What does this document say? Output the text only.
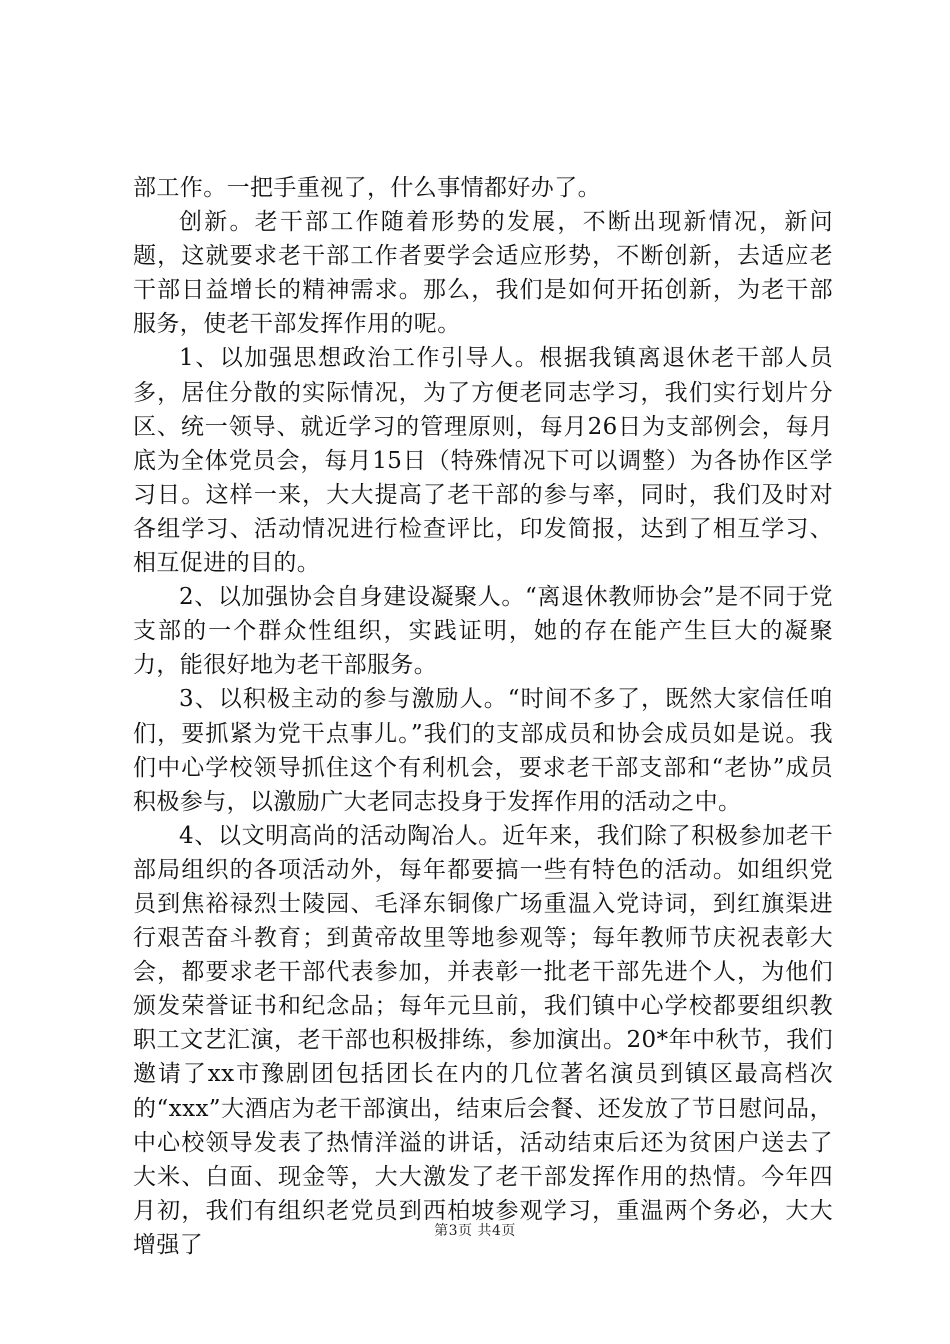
部工作。一把手重视了，什么事情都好办了。

创新。老干部工作随着形势的发展，不断出现新情况，新问题，这就要求老干部工作者要学会适应形势，不断创新，去适应老干部日益增长的精神需求。那么，我们是如何开拓创新，为老干部服务，使老干部发挥作用的呢。

1、以加强思想政治工作引导人。根据我镇离退休老干部人员多，居住分散的实际情况，为了方便老同志学习，我们实行划片分区、统一领导、就近学习的管理原则，每月26日为支部例会，每月底为全体党员会，每月15日（特殊情况下可以调整）为各协作区学习日。这样一来，大大提高了老干部的参与率，同时，我们及时对各组学习、活动情况进行检查评比，印发简报，达到了相互学习、相互促进的目的。

2、以加强协会自身建设凝聚人。“离退休教师协会”是不同于党支部的一个群众性组织，实践证明，她的存在能产生巨大的凝聚力，能很好地为老干部服务。

3、以积极主动的参与激励人。“时间不多了，既然大家信任咱们，要抓紧为党干点事儿。”我们的支部成员和协会成员如是说。我们中心学校领导抓住这个有利机会，要求老干部支部和“老协”成员积极参与，以激励广大老同志投身于发挥作用的活动之中。

4、以文明高尚的活动陶冶人。近年来，我们除了积极参加老干部局组织的各项活动外，每年都要搞一些有特色的活动。如组织党员到焦裕禄烈士陵园、毛泽东铜像广场重温入党诗词，到红旗渠进行艰苦奋斗教育；到黄帝故里等地参观等；每年教师节庆祝表彰大会，都要求老干部代表参加，并表彰一批老干部先进个人，为他们颁发荣誉证书和纪念品；每年元旦前，我们镇中心学校都要组织教职工文艺汇演，老干部也积极排练，参加演出。20*年中秋节，我们邀请了xx市豫剧团包括团长在内的几位著名演员到镇区最高档次的“xxx”大酒店为老干部演出，结束后会餐、还发放了节日慰问品，中心校领导发表了热情洋溢的讲话，活动结束后还为贫困户送去了大米、白面、现金等，大大激发了老干部发挥作用的热情。今年四月初，我们有组织老党员到西柏坡参观学习，重温两个务必，大大增强了

第3页 共4页
